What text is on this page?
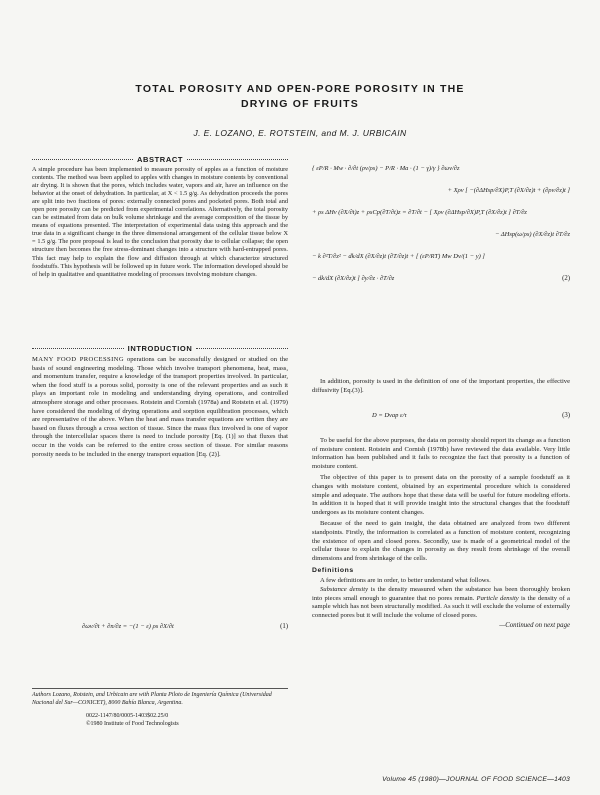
TOTAL POROSITY AND OPEN-PORE POROSITY IN THE
DRYING OF FRUITS
J. E. LOZANO, E. ROTSTEIN, and M. J. URBICAIN
ABSTRACT

A simple procedure has been implemented to measure porosity of apples as a function of moisture contents. The method was been applied to apples with changes in moisture contents by conventional air drying. It is shown that the pores, which includes water, vapors and air, have an influence on the behavior at the onset of dehydration. In particular, at X < 1.5 g/g. As dehydration proceeds the pores are split into two fractions of pores: externally connected pores and pocketed pores. Both total and open pore porosity can be predicted from experimental correlations. Alternatively, the total porosity can be estimated from data on bulk volume shrinkage and the average composition of the tissue by means of equations presented. The interpretation of experimental data using this approach and the true data in a significant change in the three dimensional arrangement of the cellular tissue below X = 1.5 g/g. The pore proposal is lead to the conclusion that porosity due to cellular collapse; the open structure then becomes the free stress-dominant changes into a structure with hard-entrapped pores. This fact may help to explain the flow and diffusion through at which characterize structured foodstuffs. This hypothesis will be followed up in future work. The information developed should be of help in qualitative and quantitative modeling of processes involving moisture changes.

INTRODUCTION

MANY FOOD PROCESSING operations can be successfully designed or studied on the basis of sound engineering modeling. Those which involve transport phenomena, heat, mass, and momentum transfer, require a knowledge of the transport properties involved. In particular, when the food stuff is a porous solid, porosity is one of the relevant properties and as such it plays an important role in modeling and understanding drying operations, and controlled atmosphere storage and other processes. Rotstein and Cornish (1978a) and Rotstein et al. (1979) have considered the modeling of drying operations and sorption equilibration processes, which are representative of the above. When the heat and mass transfer equations are written they are based on fluxes through a cross section of tissue. Since the mass flux involved is one of vapor through the intercellular spaces there is need to include porosity [Eq. (1)] so that fluxes that occur in the voids can be referred to the entire cross section of tissue. For similar reasons porosity needs to be included in the energy transport equation [Eq. (2)].

∂ωv/∂t + ∂n/∂z = −(1 − ε) ρs ∂X/∂t	(1)
Authors Lozano, Rotstein, and Urbicain are with Planta Piloto de Ingeniería Química (Universidad Nacional del Sur—CONICET), 8000 Bahía Blanca, Argentina.
0022-1147/80/0005-1403$02.25/0
©1980 Institute of Food Technologists
{ εP/R · Mw · ∂/∂t (ρv/ρs) − P/R · Ma · (1 − γ)/γ } ∂ωv/∂z
+ Xρv [ −(∂ΔHsp/∂X)P,T (∂X/∂z)t + (∂ρv/∂z)t ]
+ ρs ΔHv (∂X/∂t)z + ρsCp(∂T/∂t)z = ∂T/∂t − [ Xρv (∂ΔHsp/∂X)P,T (∂X/∂z)t ] ∂T/∂z
− ΔHsp(ω/ρs) (∂X/∂z)t ∂T/∂z
− k ∂²T/∂z² − dk/dX (∂X/∂z)t (∂T/∂z)t + [ (εP/RT) Mw Dv/(1 − y) ]
− dk/dX (∂X/∂z)t ] ∂y/∂z · ∂T/∂z	(2)

In addition, porosity is used in the definition of one of the important properties, the effective diffusivity [Eq.(3)].

D = Dvap ε/τ	(3)

To be useful for the above purposes, the data on porosity should report its change as a function of moisture content. Rotstein and Cornish (1978b) have reviewed the data available. Very little information has been published and it fails to recognize the fact that porosity is a function of moisture content.

The objective of this paper is to present data on the porosity of a sample foodstuff as it changes with moisture content, obtained by an experimental procedure which is considered simple and adequate. The authors hope that these data will be useful for future modeling efforts. In addition it is hoped that it will provide insight into the structural changes that the foodstuff undergoes as its moisture content changes.

Because of the need to gain insight, the data obtained are analyzed from two different standpoints. Firstly, the information is correlated as a function of moisture content, recognizing the existence of open and closed pores. Secondly, use is made of a geometrical model of the cellular tissue to explain the changes in porosity as they result from shrinkage of the overall dimensions and from shrinkage of the cells.

Definitions

A few definitions are in order, to better understand what follows.

Substance density is the density measured when the substance has been thoroughly broken into pieces small enough to guarantee that no pores remain. Particle density is the density of a sample which has not been structurally modified. As such it will exclude the volume of externally connected pores but it will include the volume of closed pores.

—Continued on next page
Volume 45 (1980)—JOURNAL OF FOOD SCIENCE—1403
